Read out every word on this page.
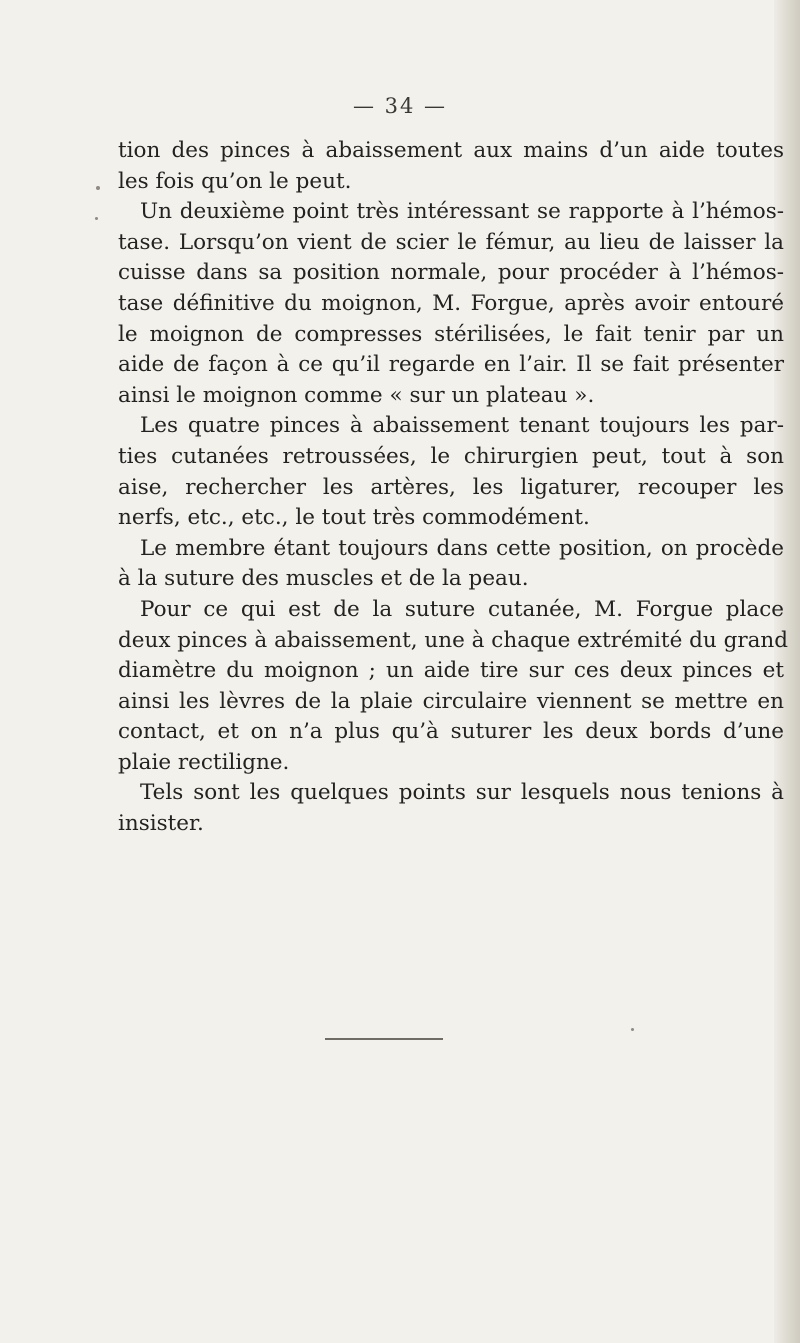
— 34 —
tion des pinces à abaissement aux mains d’un aide toutes
les fois qu’on le peut.
Un deuxième point très intéressant se rapporte à l’hémos-
tase. Lorsqu’on vient de scier le fémur, au lieu de laisser la
cuisse dans sa position normale, pour procéder à l’hémos-
tase définitive du moignon, M. Forgue, après avoir entouré
le moignon de compresses stérilisées, le fait tenir par un
aide de façon à ce qu’il regarde en l’air. Il se fait présenter
ainsi le moignon comme « sur un plateau ».
Les quatre pinces à abaissement tenant toujours les par-
ties cutanées retroussées, le chirurgien peut, tout à son
aise, rechercher les artères, les ligaturer, recouper les
nerfs, etc., etc., le tout très commodément.
Le membre étant toujours dans cette position, on procède
à la suture des muscles et de la peau.
Pour ce qui est de la suture cutanée, M. Forgue place
deux pinces à abaissement, une à chaque extrémité du grand
diamètre du moignon ; un aide tire sur ces deux pinces et
ainsi les lèvres de la plaie circulaire viennent se mettre en
contact, et on n’a plus qu’à suturer les deux bords d’une
plaie rectiligne.
Tels sont les quelques points sur lesquels nous tenions à
insister.
